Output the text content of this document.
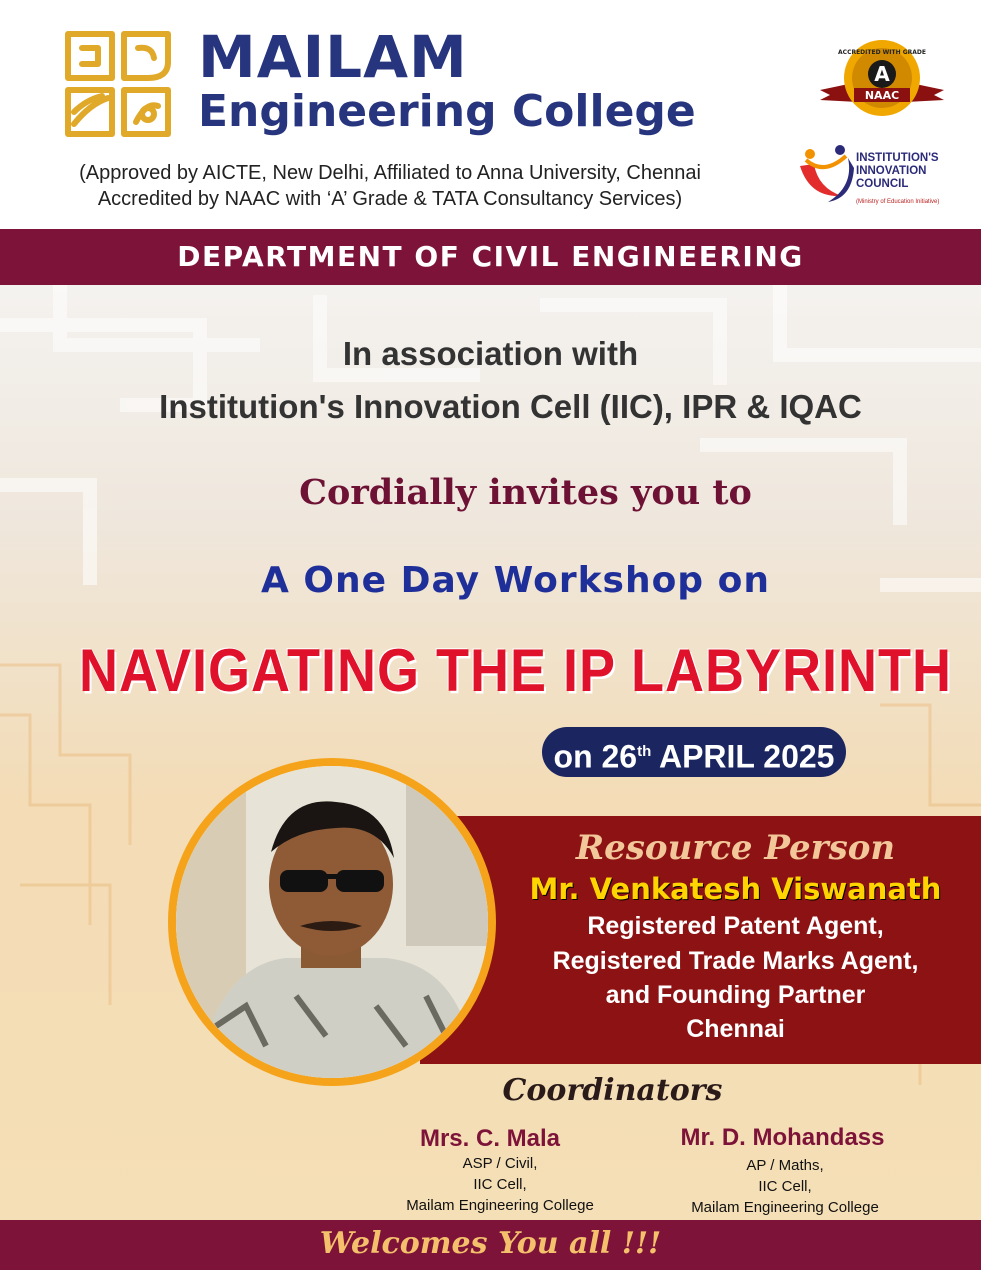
MAILAM
Engineering College
(Approved by AICTE, New Delhi, Affiliated to Anna University, Chennai
Accredited by NAAC with ‘A’ Grade & TATA Consultancy Services)
A
ACCREDITED WITH GRADE
NAAC
INSTITUTION'S
INNOVATION
COUNCIL
(Ministry of Education Initiative)
DEPARTMENT OF CIVIL ENGINEERING
In association with
Institution's Innovation Cell (IIC), IPR & IQAC
Cordially invites you to
A One Day Workshop on
NAVIGATING THE IP LABYRINTH
on 26th APRIL 2025
Resource Person
Mr. Venkatesh Viswanath
Registered Patent Agent,
Registered Trade Marks Agent,
and Founding Partner
Chennai
Coordinators
Mrs. C. Mala
ASP / Civil,
IIC Cell,
Mailam Engineering College
Mr. D. Mohandass
AP / Maths,
IIC Cell,
Mailam Engineering College
Welcomes You all !!!
